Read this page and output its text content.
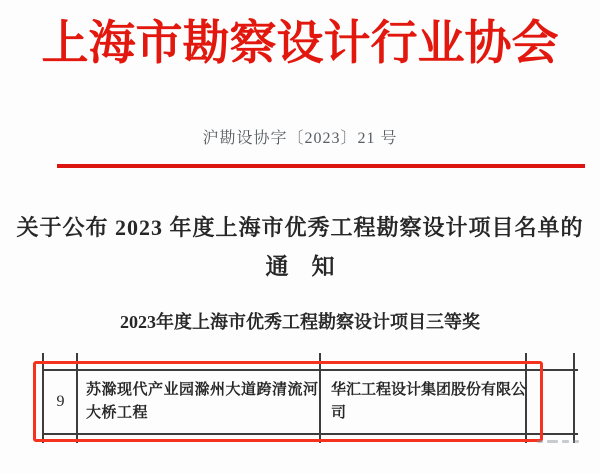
上海市勘察设计行业协会
沪勘设协字〔2023〕21 号
关于公布 2023 年度上海市优秀工程勘察设计项目名单的
通　知
2023年度上海市优秀工程勘察设计项目三等奖
9
苏滁现代产业园滁州大道跨清流河大桥工程
华汇工程设计集团股份有限公司
